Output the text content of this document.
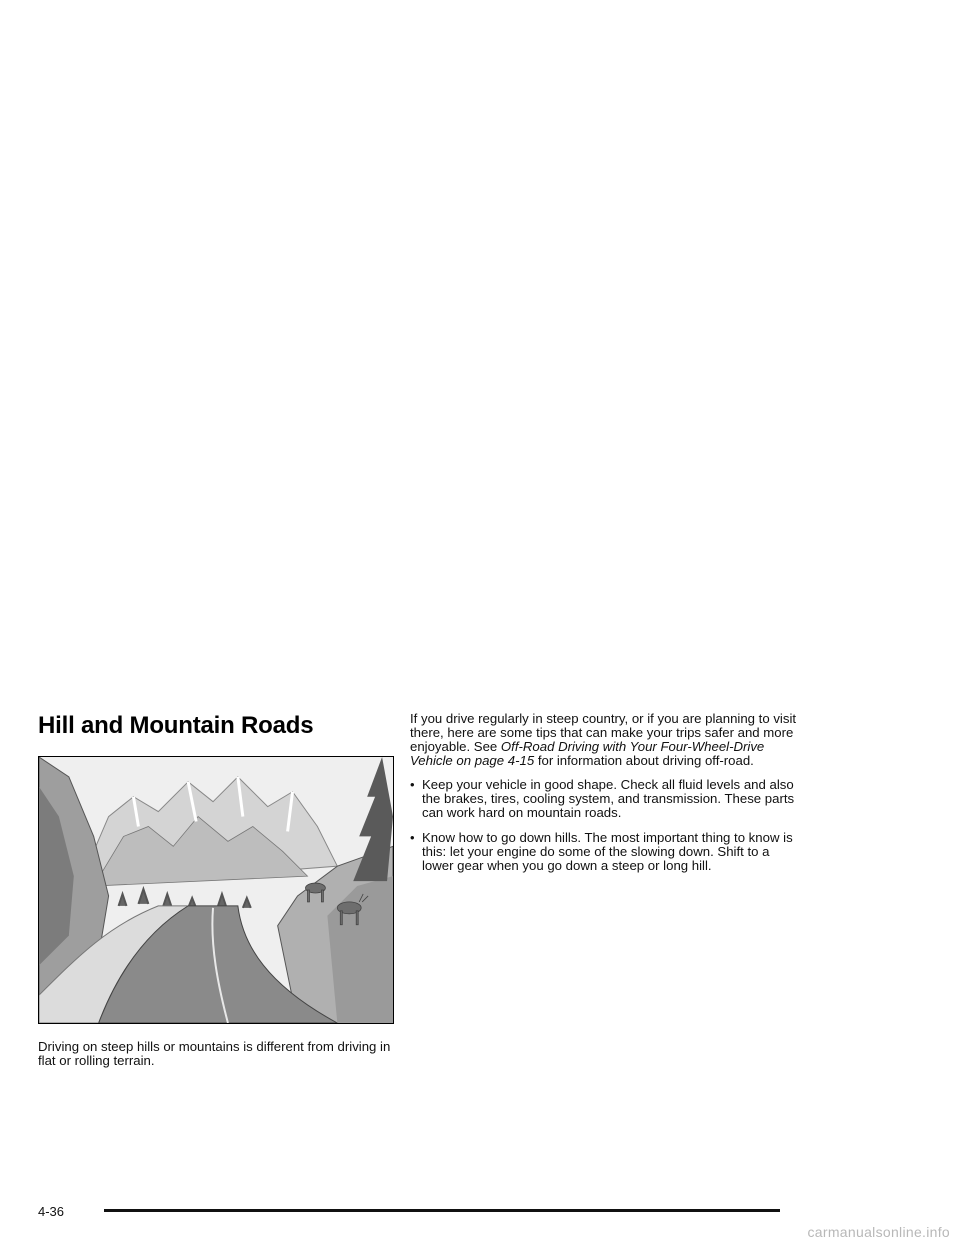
Hill and Mountain Roads

Driving on steep hills or mountains is different from driving in flat or rolling terrain.

If you drive regularly in steep country, or if you are planning to visit there, here are some tips that can make your trips safer and more enjoyable. See Off-Road Driving with Your Four-Wheel-Drive Vehicle on page 4-15 for information about driving off-road.

• Keep your vehicle in good shape. Check all fluid levels and also the brakes, tires, cooling system, and transmission. These parts can work hard on mountain roads.
• Know how to go down hills. The most important thing to know is this: let your engine do some of the slowing down. Shift to a lower gear when you go down a steep or long hill.
4-36
carmanualsonline.info
